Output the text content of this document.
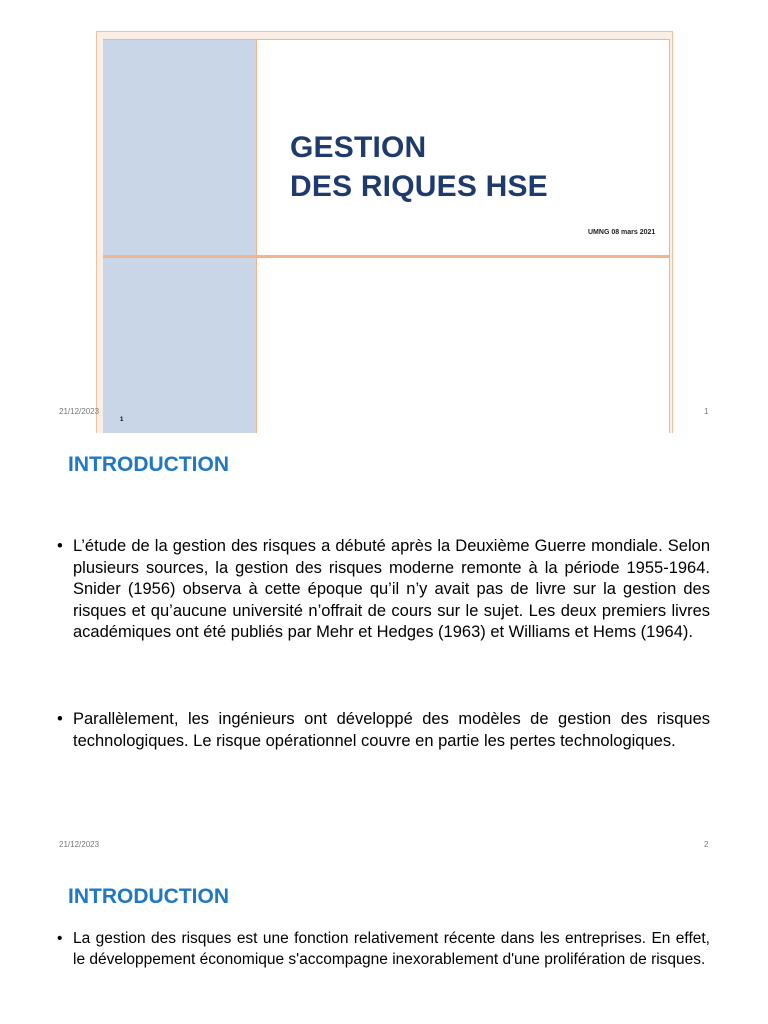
GESTION
DES RIQUES HSE
UMNG 08 mars 2021
1
21/12/2023	1
INTRODUCTION
• L’étude de la gestion des risques a débuté après la Deuxième Guerre mondiale. Selon plusieurs sources, la gestion des risques moderne remonte à la période 1955-1964. Snider (1956) observa à cette époque qu’il n’y avait pas de livre sur la gestion des risques et qu’aucune université n’offrait de cours sur le sujet. Les deux premiers livres académiques ont été publiés par Mehr et Hedges (1963) et Williams et Hems (1964).
• Parallèlement, les ingénieurs ont développé des modèles de gestion des risques technologiques. Le risque opérationnel couvre en partie les pertes technologiques.
21/12/2023	2
INTRODUCTION
• La gestion des risques est une fonction relativement récente dans les entreprises. En effet, le développement économique s'accompagne inexorablement d'une prolifération de risques.
